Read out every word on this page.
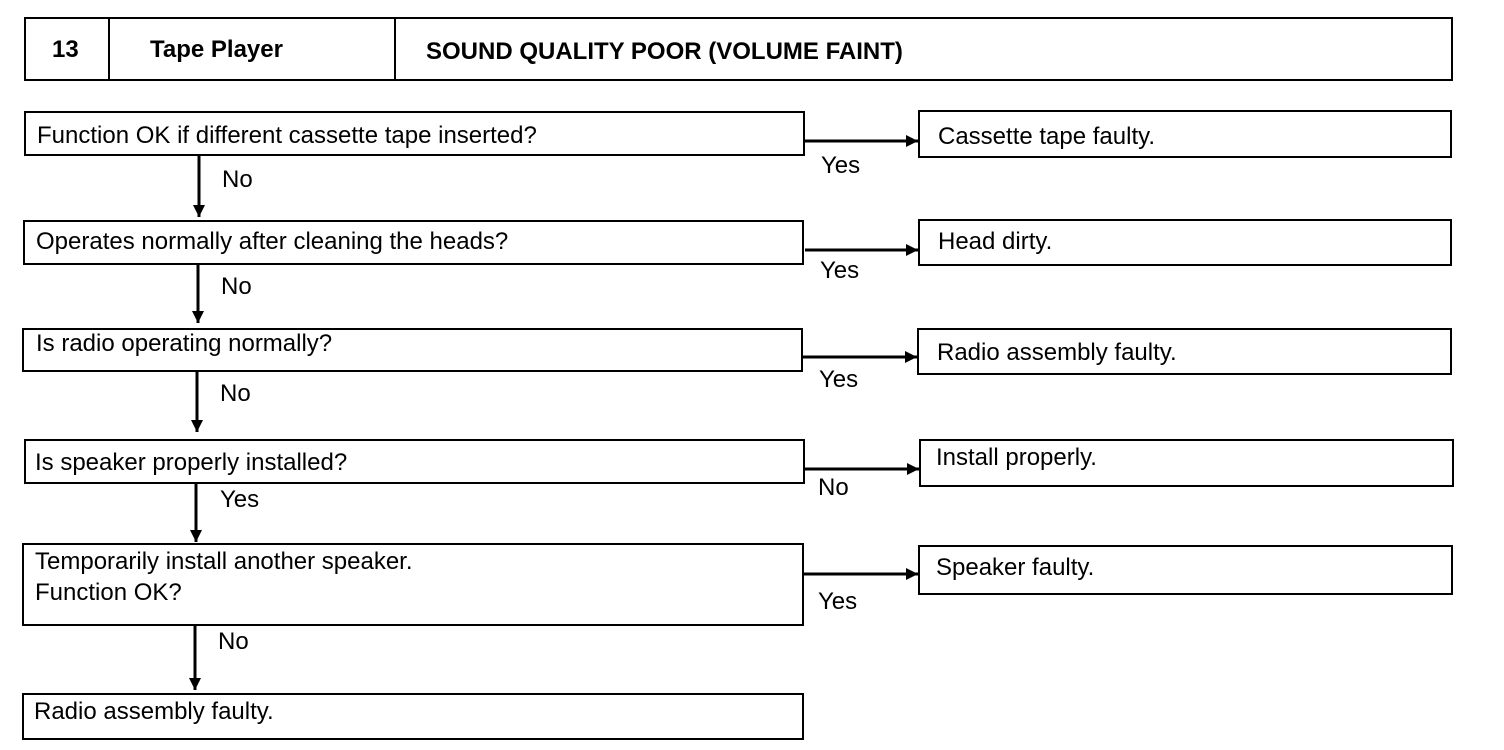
13	Tape Player	SOUND QUALITY POOR (VOLUME FAINT)
Function OK if different cassette tape inserted?
Yes
No
Cassette tape faulty.
Operates normally after cleaning the heads?
Yes
No
Head dirty.
Is radio operating normally?
Yes
No
Radio assembly faulty.
Is speaker properly installed?
No
Yes
Install properly.
Temporarily install another speaker.
Function OK?	Yes
No
Speaker faulty.
Radio assembly faulty.
